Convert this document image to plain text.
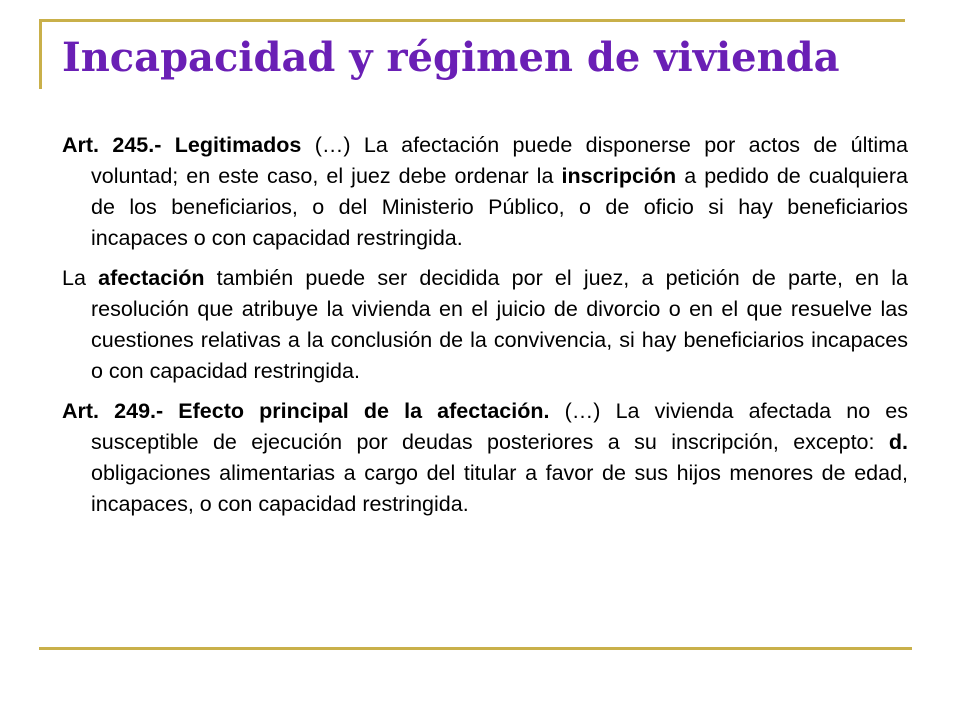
Incapacidad y régimen de vivienda

Art. 245.- Legitimados (…) La afectación puede disponerse por actos de última voluntad; en este caso, el juez debe ordenar la inscripción a pedido de cualquiera de los beneficiarios, o del Ministerio Público, o de oficio si hay beneficiarios incapaces o con capacidad restringida.

La afectación también puede ser decidida por el juez, a petición de parte, en la resolución que atribuye la vivienda en el juicio de divorcio o en el que resuelve las cuestiones relativas a la conclusión de la convivencia, si hay beneficiarios incapaces o con capacidad restringida.

Art. 249.- Efecto principal de la afectación. (…) La vivienda afectada no es susceptible de ejecución por deudas posteriores a su inscripción, excepto: d. obligaciones alimentarias a cargo del titular a favor de sus hijos menores de edad, incapaces, o con capacidad restringida.
